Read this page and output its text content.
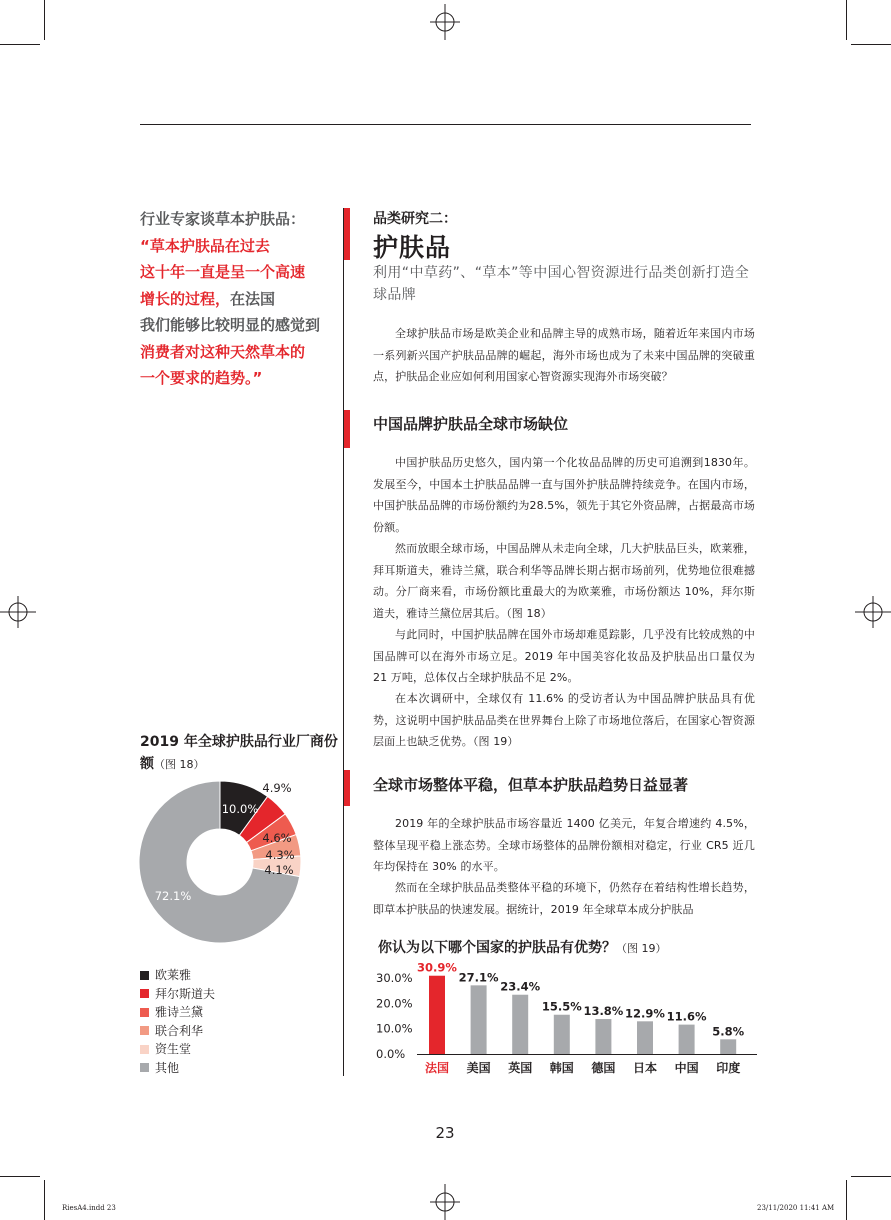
行业专家谈草本护肤品：
“草本护肤品在过去
这十年一直是呈一个高速
增长的过程，在法国
我们能够比较明显的感觉到
消费者对这种天然草本的
一个要求的趋势。”
品类研究二：
护肤品
利用“中草药”、“草本”等中国心智资源进行品类创新打造全球品牌
全球护肤品市场是欧美企业和品牌主导的成熟市场，随着近年来国内市场一系列新兴国产护肤品品牌的崛起，海外市场也成为了未来中国品牌的突破重点，护肤品企业应如何利用国家心智资源实现海外市场突破？
中国品牌护肤品全球市场缺位
中国护肤品历史悠久，国内第一个化妆品品牌的历史可追溯到1830年。发展至今，中国本土护肤品品牌一直与国外护肤品牌持续竞争。在国内市场，中国护肤品品牌的市场份额约为28.5%，领先于其它外资品牌，占据最高市场份额。
然而放眼全球市场，中国品牌从未走向全球，几大护肤品巨头，欧莱雅，拜耳斯道夫，雅诗兰黛，联合利华等品牌长期占据市场前列，优势地位很难撼动。分厂商来看，市场份额比重最大的为欧莱雅，市场份额达 10%，拜尔斯道夫，雅诗兰黛位居其后。（图 18）
与此同时，中国护肤品牌在国外市场却难觅踪影，几乎没有比较成熟的中国品牌可以在海外市场立足。2019 年中国美容化妆品及护肤品出口量仅为 21 万吨，总体仅占全球护肤品不足 2%。
在本次调研中，全球仅有 11.6% 的受访者认为中国品牌护肤品具有优势，这说明中国护肤品品类在世界舞台上除了市场地位落后，在国家心智资源层面上也缺乏优势。（图 19）
全球市场整体平稳，但草本护肤品趋势日益显著
2019 年的全球护肤品市场容量近 1400 亿美元，年复合增速约 4.5%，整体呈现平稳上涨态势。全球市场整体的品牌份额相对稳定，行业 CR5 近几年均保持在 30% 的水平。
然而在全球护肤品品类整体平稳的环境下，仍然存在着结构性增长趋势，即草本护肤品的快速发展。据统计，2019 年全球草本成分护肤品
2019 年全球护肤品行业厂商份额（图 18）
10.0%
4.9%
4.6%
4.3%
4.1%
72.1%
欧莱雅
拜尔斯道夫
雅诗兰黛
联合利华
资生堂
其他
你认为以下哪个国家的护肤品有优势？（图 19）
0.0%
10.0%
20.0%
30.0%
30.9%
法国
27.1%
美国
23.4%
英国
15.5%
韩国
13.8%
德国
12.9%
日本
11.6%
中国
5.8%
印度
23
RiesA4.indd 23	23/11/2020 11:41 AM
